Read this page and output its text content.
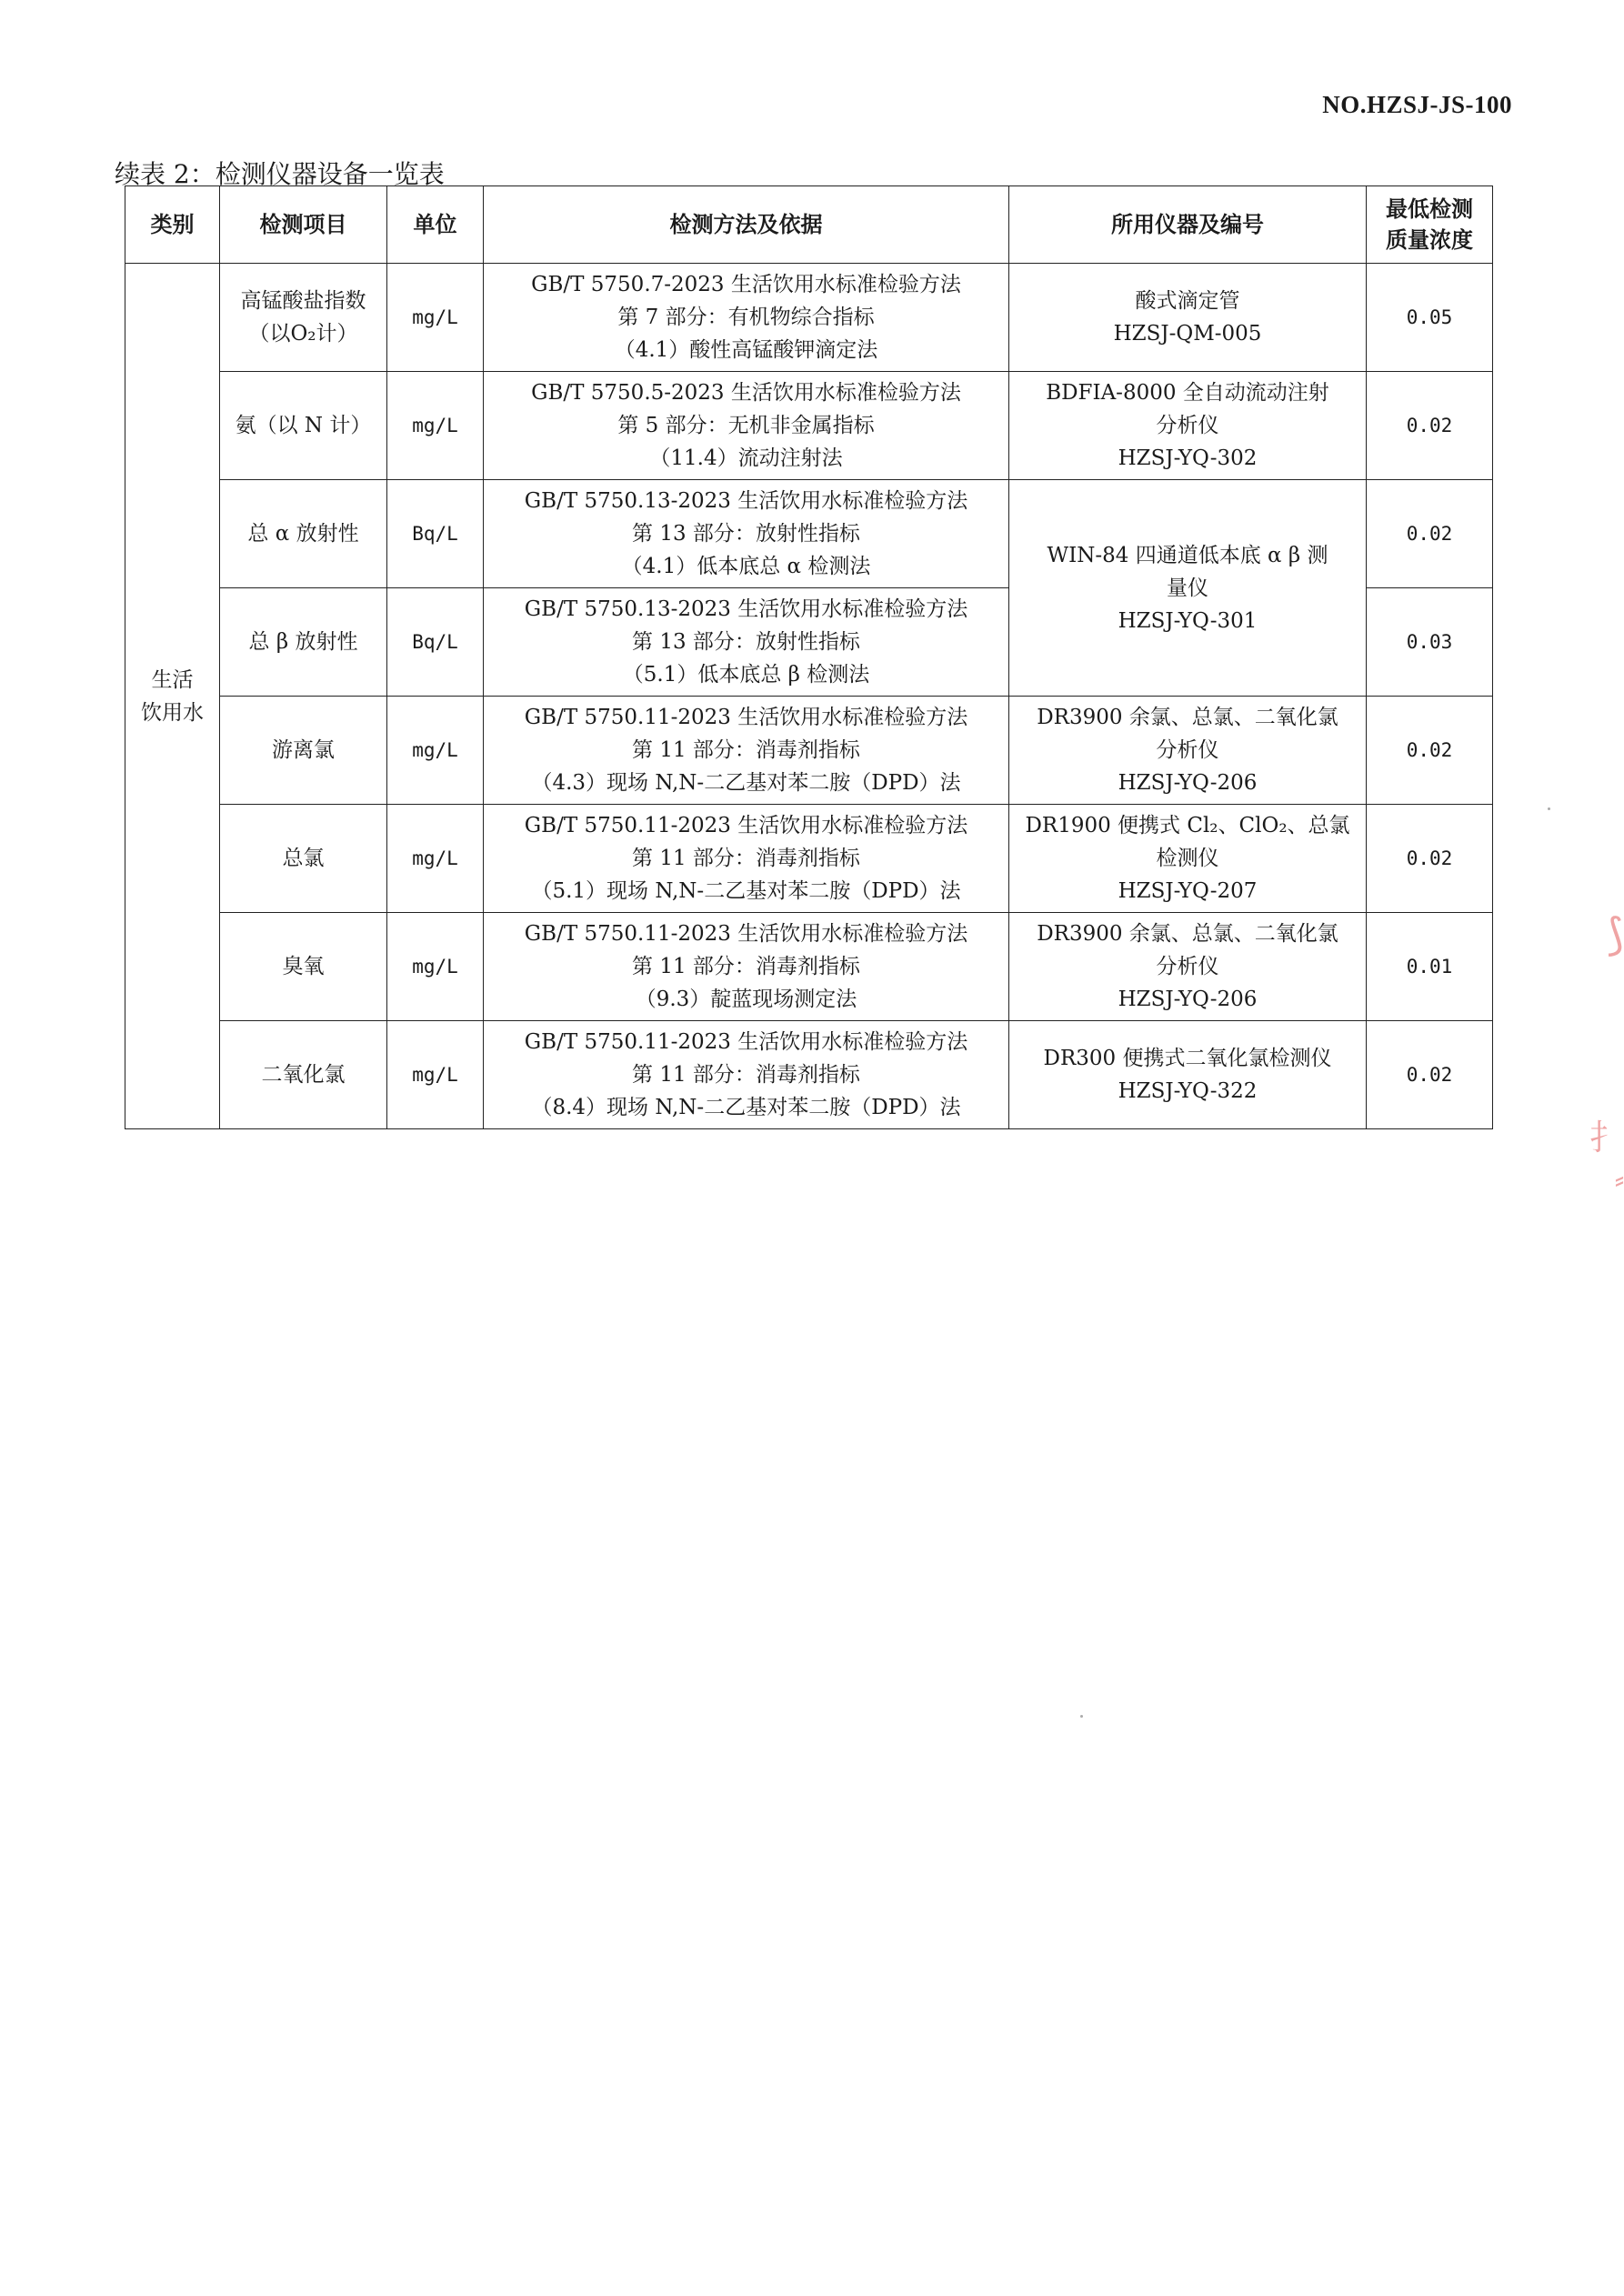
NO.HZSJ-JS-100
续表 2：检测仪器设备一览表
类别	检测项目	单位	检测方法及依据	所用仪器及编号	最低检测
质量浓度

生活
饮用水	高锰酸盐指数
（以O₂计）	mg/L	GB/T 5750.7-2023 生活饮用水标准检验方法
第 7 部分：有机物综合指标
（4.1）酸性高锰酸钾滴定法	酸式滴定管
HZSJ-QM-005	0.05

	氨（以 N 计）	mg/L	GB/T 5750.5-2023 生活饮用水标准检验方法
第 5 部分：无机非金属指标
（11.4）流动注射法	BDFIA-8000 全自动流动注射
分析仪
HZSJ-YQ-302	0.02

	总 α 放射性	Bq/L	GB/T 5750.13-2023 生活饮用水标准检验方法
第 13 部分：放射性指标
（4.1）低本底总 α 检测法	WIN-84 四通道低本底 α β 测
量仪
HZSJ-YQ-301	0.02

	总 β 放射性	Bq/L	GB/T 5750.13-2023 生活饮用水标准检验方法
第 13 部分：放射性指标
（5.1）低本底总 β 检测法		0.03

	游离氯	mg/L	GB/T 5750.11-2023 生活饮用水标准检验方法
第 11 部分：消毒剂指标
（4.3）现场 N,N-二乙基对苯二胺（DPD）法	DR3900 余氯、总氯、二氧化氯
分析仪
HZSJ-YQ-206	0.02

	总氯	mg/L	GB/T 5750.11-2023 生活饮用水标准检验方法
第 11 部分：消毒剂指标
（5.1）现场 N,N-二乙基对苯二胺（DPD）法	DR1900 便携式 Cl₂、ClO₂、总氯
检测仪
HZSJ-YQ-207	0.02

	臭氧	mg/L	GB/T 5750.11-2023 生活饮用水标准检验方法
第 11 部分：消毒剂指标
（9.3）靛蓝现场测定法	DR3900 余氯、总氯、二氧化氯
分析仪
HZSJ-YQ-206	0.01

	二氧化氯	mg/L	GB/T 5750.11-2023 生活饮用水标准检验方法
第 11 部分：消毒剂指标
（8.4）现场 N,N-二乙基对苯二胺（DPD）法	DR300 便携式二氧化氯检测仪
HZSJ-YQ-322	0.02
⟆
扌
⸗
